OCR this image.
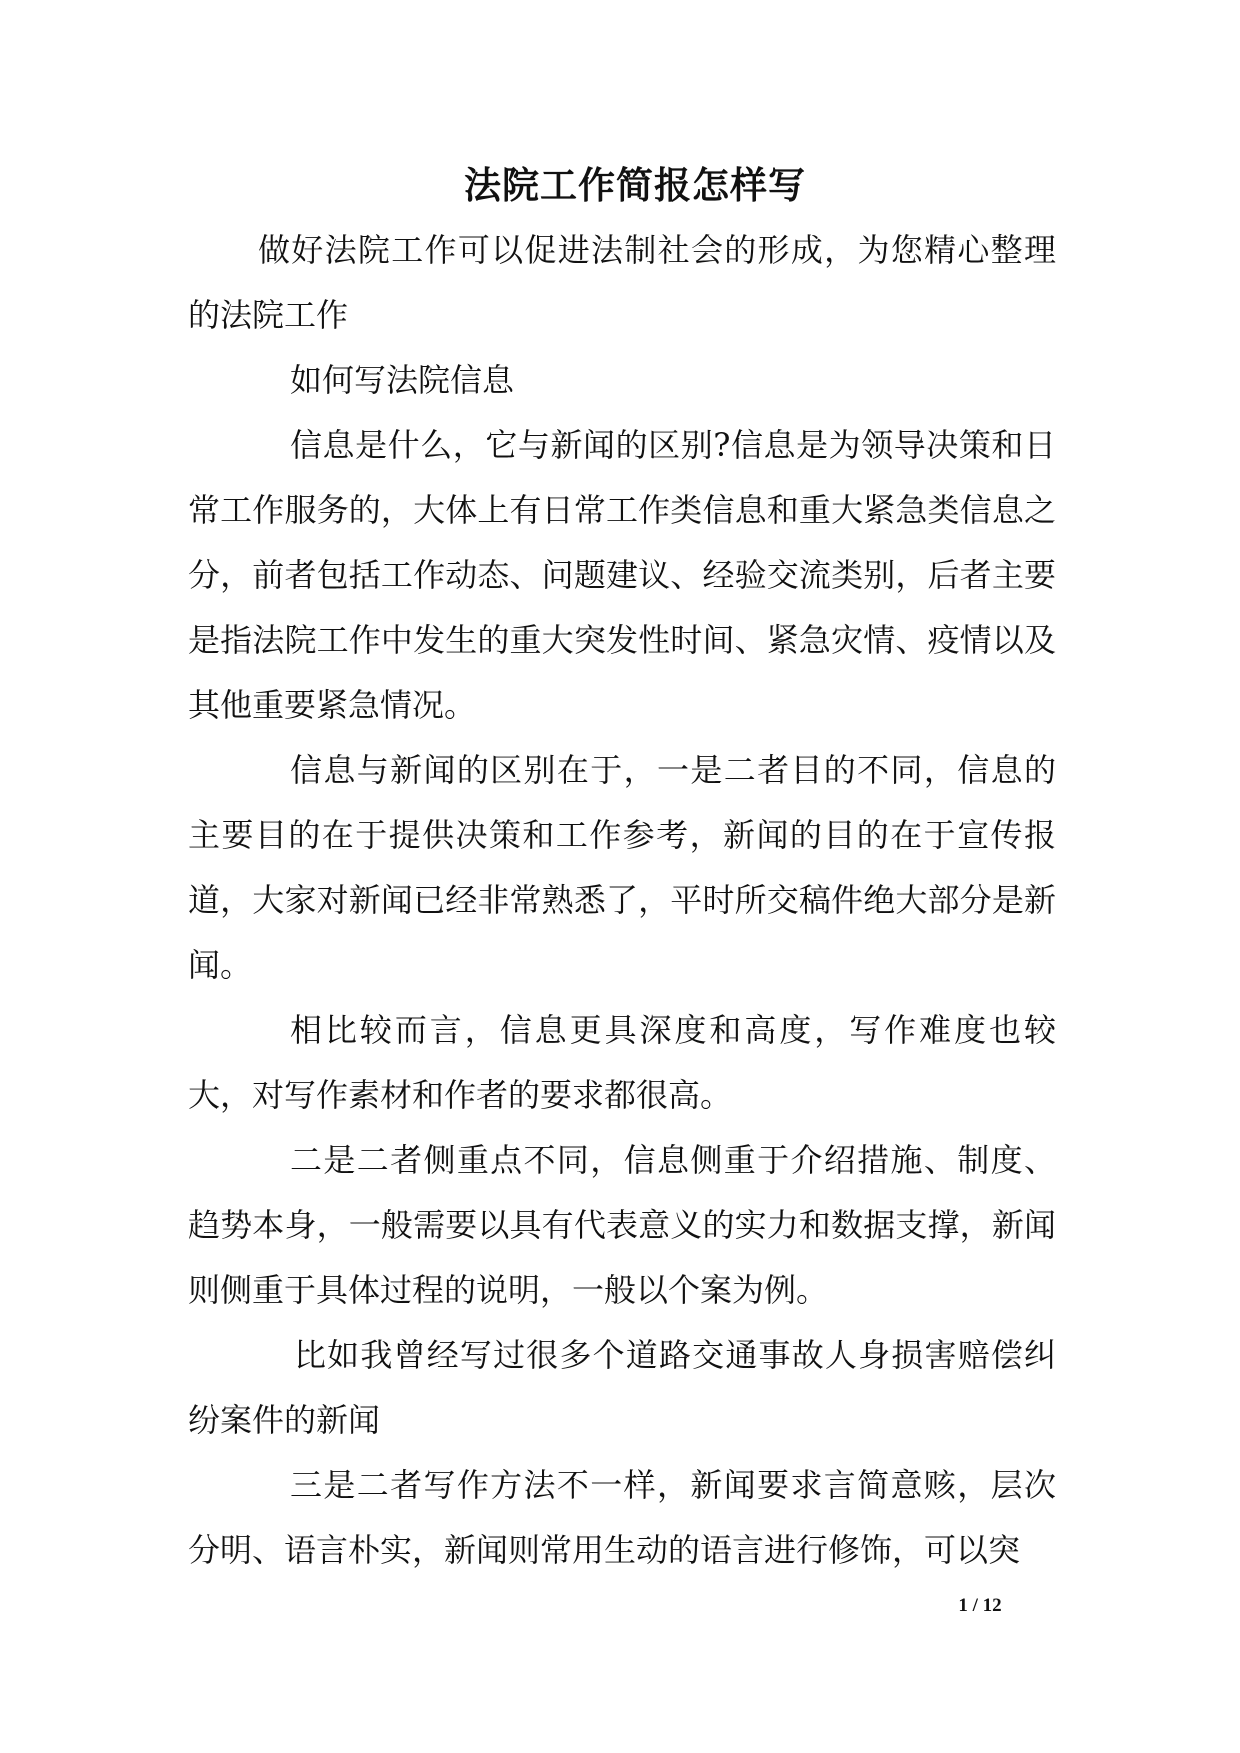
法院工作简报怎样写

做好法院工作可以促进法制社会的形成，为您精心整理的法院工作

如何写法院信息

信息是什么，它与新闻的区别?信息是为领导决策和日常工作服务的，大体上有日常工作类信息和重大紧急类信息之分，前者包括工作动态、问题建议、经验交流类别，后者主要是指法院工作中发生的重大突发性时间、紧急灾情、疫情以及其他重要紧急情况。

信息与新闻的区别在于，一是二者目的不同，信息的主要目的在于提供决策和工作参考，新闻的目的在于宣传报道，大家对新闻已经非常熟悉了，平时所交稿件绝大部分是新闻。

相比较而言，信息更具深度和高度，写作难度也较大，对写作素材和作者的要求都很高。

二是二者侧重点不同，信息侧重于介绍措施、制度、趋势本身，一般需要以具有代表意义的实力和数据支撑，新闻则侧重于具体过程的说明，一般以个案为例。

比如我曾经写过很多个道路交通事故人身损害赔偿纠纷案件的新闻

三是二者写作方法不一样，新闻要求言简意赅，层次分明、语言朴实，新闻则常用生动的语言进行修饰，可以突

1 / 12
